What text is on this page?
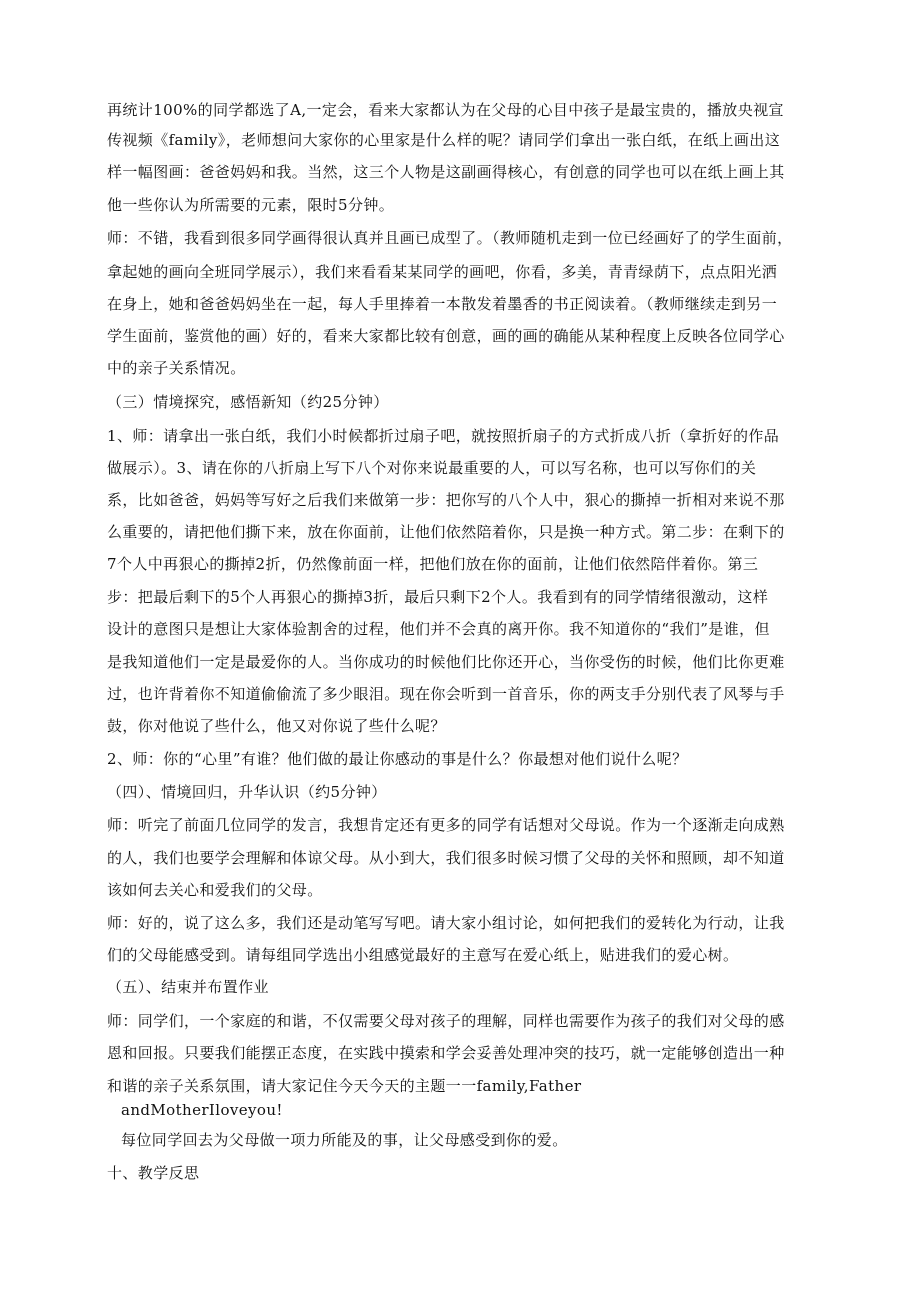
再统计100%的同学都选了A,一定会，看来大家都认为在父母的心目中孩子是最宝贵的，播放央视宣
传视频《family》，老师想问大家你的心里家是什么样的呢？请同学们拿出一张白纸，在纸上画出这
样一幅图画：爸爸妈妈和我。当然，这三个人物是这副画得核心，有创意的同学也可以在纸上画上其
他一些你认为所需要的元素，限时5分钟。
师：不错，我看到很多同学画得很认真并且画已成型了。（教师随机走到一位已经画好了的学生面前，
拿起她的画向全班同学展示），我们来看看某某同学的画吧，你看，多美，青青绿荫下，点点阳光洒
在身上，她和爸爸妈妈坐在一起，每人手里捧着一本散发着墨香的书正阅读着。（教师继续走到另一
学生面前，鉴赏他的画）好的，看来大家都比较有创意，画的画的确能从某种程度上反映各位同学心
中的亲子关系情况。
（三）情境探究，感悟新知（约25分钟）
1、师：请拿出一张白纸，我们小时候都折过扇子吧，就按照折扇子的方式折成八折（拿折好的作品
做展示）。3、请在你的八折扇上写下八个对你来说最重要的人，可以写名称，也可以写你们的关
系，比如爸爸，妈妈等写好之后我们来做第一步：把你写的八个人中，狠心的撕掉一折相对来说不那
么重要的，请把他们撕下来，放在你面前，让他们依然陪着你，只是换一种方式。第二步：在剩下的
7个人中再狠心的撕掉2折，仍然像前面一样，把他们放在你的面前，让他们依然陪伴着你。第三
步：把最后剩下的5个人再狠心的撕掉3折，最后只剩下2个人。我看到有的同学情绪很激动，这样
设计的意图只是想让大家体验割舍的过程，他们并不会真的离开你。我不知道你的“我们”是谁，但
是我知道他们一定是最爱你的人。当你成功的时候他们比你还开心，当你受伤的时候，他们比你更难
过，也许背着你不知道偷偷流了多少眼泪。现在你会听到一首音乐，你的两支手分别代表了风琴与手
鼓，你对他说了些什么，他又对你说了些什么呢？
2、师：你的“心里”有谁？他们做的最让你感动的事是什么？你最想对他们说什么呢？
（四）、情境回归，升华认识（约5分钟）
师：听完了前面几位同学的发言，我想肯定还有更多的同学有话想对父母说。作为一个逐渐走向成熟
的人，我们也要学会理解和体谅父母。从小到大，我们很多时候习惯了父母的关怀和照顾，却不知道
该如何去关心和爱我们的父母。
师：好的，说了这么多，我们还是动笔写写吧。请大家小组讨论，如何把我们的爱转化为行动，让我
们的父母能感受到。请每组同学选出小组感觉最好的主意写在爱心纸上，贴进我们的爱心树。
（五）、结束并布置作业
师：同学们，一个家庭的和谐，不仅需要父母对孩子的理解，同样也需要作为孩子的我们对父母的感
恩和回报。只要我们能摆正态度，在实践中摸索和学会妥善处理冲突的技巧，就一定能够创造出一种
和谐的亲子关系氛围，请大家记住今天今天的主题一一family,Father
andMotherIloveyou!
每位同学回去为父母做一项力所能及的事，让父母感受到你的爱。
十、教学反思
